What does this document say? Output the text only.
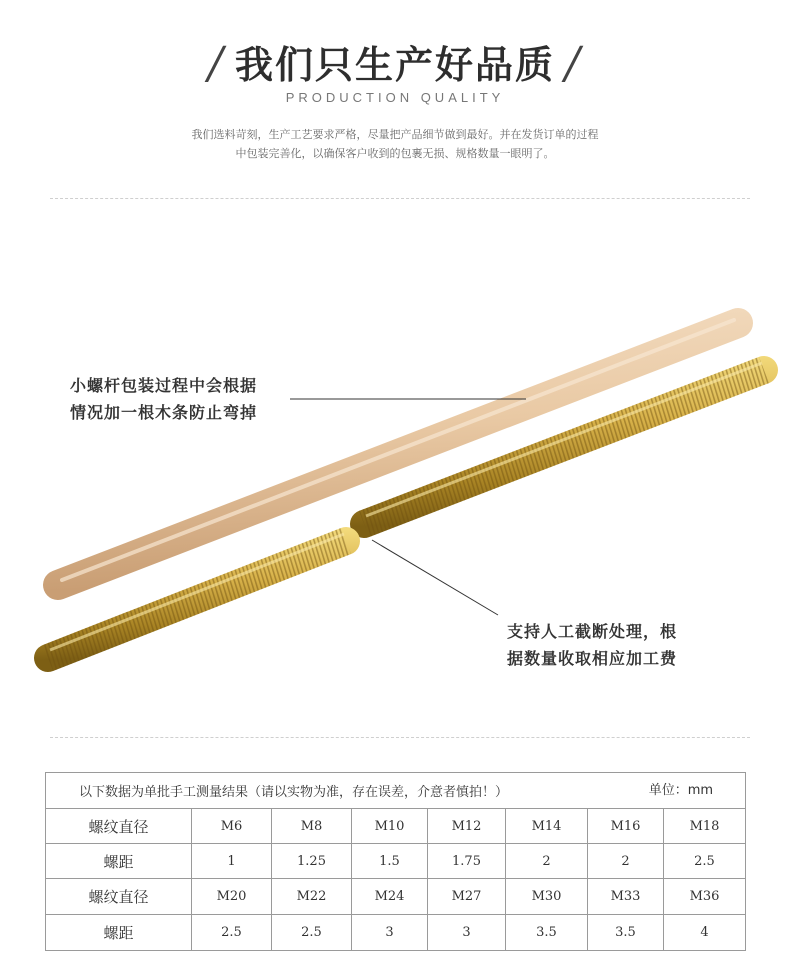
/ 我们只生产好品质 /
PRODUCTION QUALITY
我们选料苛刻，生产工艺要求严格，尽量把产品细节做到最好。并在发货订单的过程
中包装完善化，以确保客户收到的包裹无损、规格数量一眼明了。
小螺杆包装过程中会根据
情况加一根木条防止弯掉
支持人工截断处理，根
据数量收取相应加工费
以下数据为单批手工测量结果（请以实物为准，存在误差，介意者慎拍！） 单位：mm							

螺纹直径	M6	M8	M10	M12	M14	M16	M18
螺距	1	1.25	1.5	1.75	2	2	2.5
螺纹直径	M20	M22	M24	M27	M30	M33	M36
螺距	2.5	2.5	3	3	3.5	3.5	4
